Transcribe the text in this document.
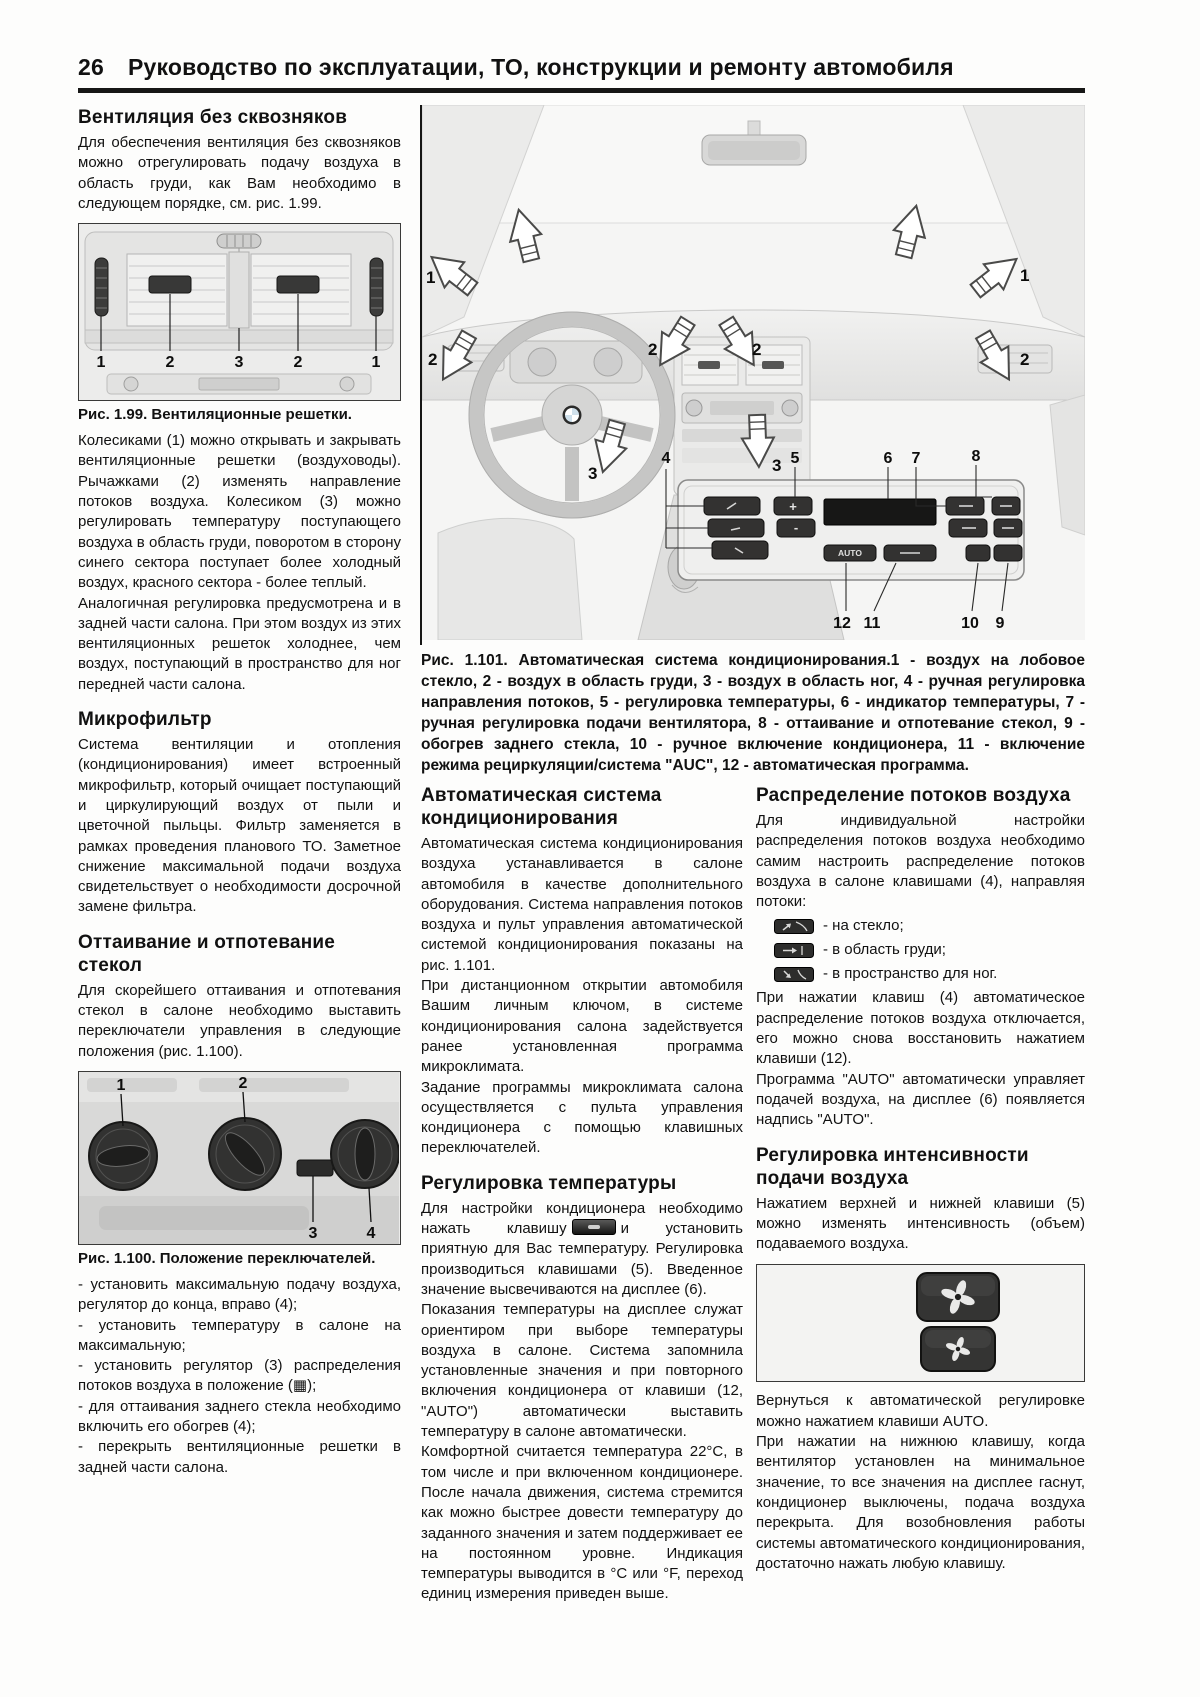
26 Руководство по эксплуатации, ТО, конструкции и ремонту автомобиля
Вентиляция без сквозняков

Для обеспечения вентиляция без сквозняков можно отрегулировать подачу воздуха в область груди, как Вам необходимо в следующем порядке, см. рис. 1.99.

1	2	3	2	1
Рис. 1.99. Вентиляционные решетки.

Колесиками (1) можно открывать и закрывать вентиляционные решетки (воздуховоды). Рычажками (2) изменять направление потоков воздуха. Колесиком (3) можно регулировать температуру поступающего воздуха в область груди, поворотом в сторону синего сектора поступает более холодный воздух, красного сектора - более теплый.

Аналогичная регулировка предусмотрена и в задней части салона. При этом воздух из этих вентиляционных решеток холоднее, чем воздух, поступающий в пространство для ног передней части салона.

Микрофильтр

Система вентиляции и отопления (кондиционирования) имеет встроенный микрофильтр, который очищает поступающий и циркулирующий воздух от пыли и цветочной пыльцы. Фильтр заменяется в рамках проведения планового ТО. Заметное снижение максимальной подачи воздуха свидетельствует о необходимости досрочной замене фильтра.

Оттаивание и отпотевание стекол

Для скорейшего оттаивания и отпотевания стекол в салоне необходимо выставить переключатели управления в следующие положения (рис. 1.100).

1	2
3	4
Рис. 1.100. Положение переключателей.

- установить максимальную подачу воздуха, регулятор до конца, вправо (4);

- установить температуру в салоне на максимальную;

- установить регулятор (3) распределения потоков воздуха в положение (▦);

- для оттаивания заднего стекла необходимо включить его обогрев (4);

- перекрыть вентиляционные решетки в задней части салона.

1	1
2
2	2
2
3	3
+
-
AUTO
4	5	6 7	8
12 11	10 9
Рис. 1.101. Автоматическая система кондиционирования.1 - воздух на лобовое стекло, 2 - воздух в область груди, 3 - воздух в область ног, 4 - ручная регулировка направления потоков, 5 - регулировка температуры, 6 - индикатор температуры, 7 - ручная регулировка подачи вентилятора, 8 - оттаивание и отпотевание стекол, 9 - обогрев заднего стекла, 10 - ручное включение кондиционера, 11 - включение режима рециркуляции/система "AUC", 12 - автоматическая программа.
Автоматическая система кондиционирования

Автоматическая система кондиционирования воздуха устанавливается в салоне автомобиля в качестве дополнительного оборудования. Система направления потоков воздуха и пульт управления автоматической системой кондиционирования показаны на рис. 1.101.

При дистанционном открытии автомобиля Вашим личным ключом, в системе кондиционирования салона задействуется ранее установленная программа микроклимата.

Задание программы микроклимата салона осуществляется с пульта управления кондиционера с помощью клавишных переключателей.

Регулировка температуры

Для настройки кондиционера необходимо нажать клавишу	и установить приятную для Вас температуру. Регулировка производиться клавишами (5). Введенное значение высвечиваются на дисплее (6).

Показания температуры на дисплее служат ориентиром при выборе температуры воздуха в салоне. Система запомнила установленные значения и при повторного включения кондиционера от клавиши (12, "AUTO") автоматически выставить температуру в салоне автоматически.

Комфортной считается температура 22°C, в том числе и при включенном кондиционере. После начала движения, система стремится как можно быстрее довести температуру до заданного значения и затем поддерживает ее на постоянном уровне. Индикация температуры выводится в °C или °F, переход единиц измерения приведен выше.

Распределение потоков воздуха

Для индивидуальной настройки распределения потоков воздуха необходимо самим настроить распределение потоков воздуха в салоне клавишами (4), направляя потоки:

- на стекло;
- в область груди;
- в пространство для ног.

При нажатии клавиш (4) автоматическое распределение потоков воздуха отключается, его можно снова восстановить нажатием клавиши (12).

Программа "AUTO" автоматически управляет подачей воздуха, на дисплее (6) появляется надпись "AUTO".

Регулировка интенсивности подачи воздуха

Нажатием верхней и нижней клавиши (5) можно изменять интенсивность (объем) подаваемого воздуха.

Вернуться к автоматической регулировке можно нажатием клавиши AUTO.

При нажатии на нижнюю клавишу, когда вентилятор установлен на минимальное значение, то все значения на дисплее гаснут, кондиционер выключены, подача воздуха перекрыта. Для возобновления работы системы автоматического кондиционирования, достаточно нажать любую клавишу.
